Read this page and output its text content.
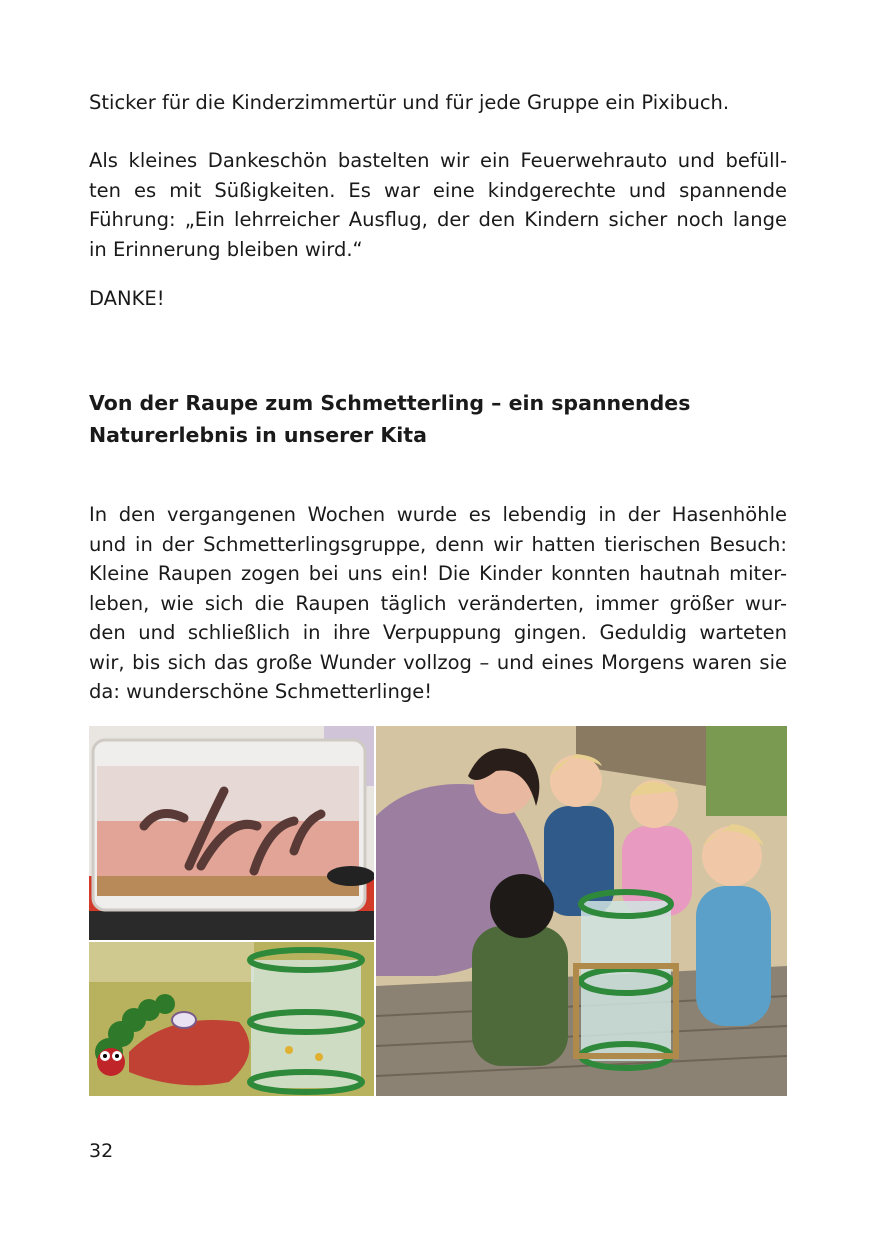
Sticker für die Kinderzimmertür und für jede Gruppe ein Pixibuch.
Als kleines Dankeschön bastelten wir ein Feuerwehrauto und befüll-
ten es mit Süßigkeiten. Es war eine kindgerechte und spannende
Führung: „Ein lehrreicher Ausflug, der den Kindern sicher noch lange
in Erinnerung bleiben wird.“
DANKE!
Von der Raupe zum Schmetterling – ein spannendes
Naturerlebnis in unserer Kita
In den vergangenen Wochen wurde es lebendig in der Hasenhöhle
und in der Schmetterlingsgruppe, denn wir hatten tierischen Besuch:
Kleine Raupen zogen bei uns ein! Die Kinder konnten hautnah miter-
leben, wie sich die Raupen täglich veränderten, immer größer wur-
den und schließlich in ihre Verpuppung gingen. Geduldig warteten
wir, bis sich das große Wunder vollzog – und eines Morgens waren sie
da: wunderschöne Schmetterlinge!
32
